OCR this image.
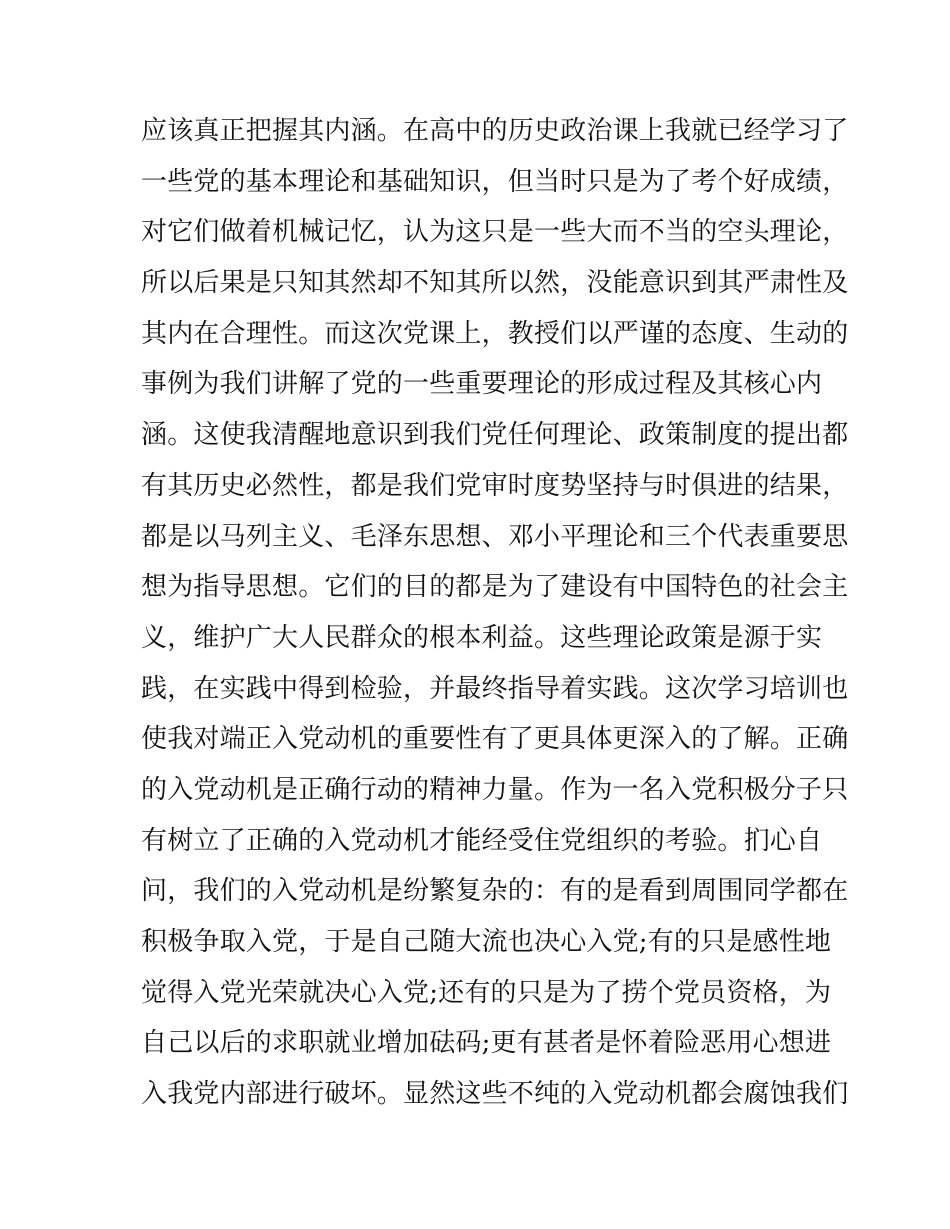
应该真正把握其内涵。在高中的历史政治课上我就已经学习了
一些党的基本理论和基础知识，但当时只是为了考个好成绩，
对它们做着机械记忆，认为这只是一些大而不当的空头理论，
所以后果是只知其然却不知其所以然，没能意识到其严肃性及
其内在合理性。而这次党课上，教授们以严谨的态度、生动的
事例为我们讲解了党的一些重要理论的形成过程及其核心内
涵。这使我清醒地意识到我们党任何理论、政策制度的提出都
有其历史必然性，都是我们党审时度势坚持与时俱进的结果，
都是以马列主义、毛泽东思想、邓小平理论和三个代表重要思
想为指导思想。它们的目的都是为了建设有中国特色的社会主
义，维护广大人民群众的根本利益。这些理论政策是源于实
践，在实践中得到检验，并最终指导着实践。这次学习培训也
使我对端正入党动机的重要性有了更具体更深入的了解。正确
的入党动机是正确行动的精神力量。作为一名入党积极分子只
有树立了正确的入党动机才能经受住党组织的考验。扪心自
问，我们的入党动机是纷繁复杂的：有的是看到周围同学都在
积极争取入党，于是自己随大流也决心入党;有的只是感性地
觉得入党光荣就决心入党;还有的只是为了捞个党员资格，为
自己以后的求职就业增加砝码;更有甚者是怀着险恶用心想进
入我党内部进行破坏。显然这些不纯的入党动机都会腐蚀我们
